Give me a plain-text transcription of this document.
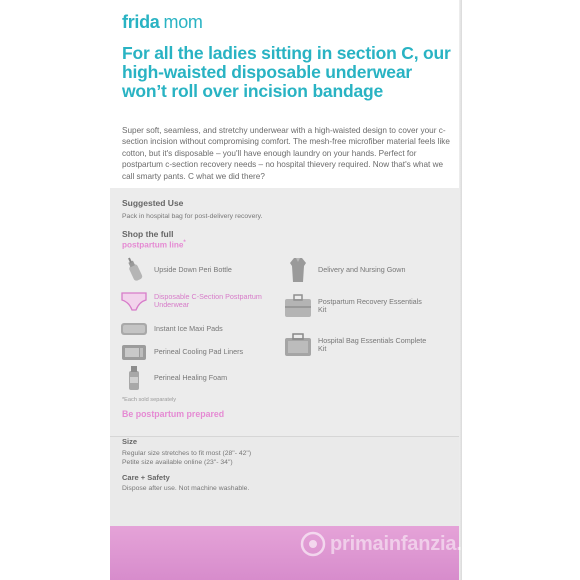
frida mom
For all the ladies sitting in section C, our high-waisted disposable underwear won’t roll over incision bandage

Super soft, seamless, and stretchy underwear with a high-waisted design to cover your c-section incision without compromising comfort. The mesh-free microfiber material feels like cotton, but it's disposable – you'll have enough laundry on your hands. Perfect for postpartum c-section recovery needs – no hospital thievery required. Now that's what we call smarty pants. C what we did there?

Suggested Use
Pack in hospital bag for post-delivery recovery.
Shop the full
postpartum line*
Upside Down Peri Bottle
Disposable C-Section Postpartum Underwear
Instant Ice Maxi Pads
Perineal Cooling Pad Liners
Perineal Healing Foam
Delivery and Nursing Gown
Postpartum Recovery Essentials Kit
Hospital Bag Essentials Complete Kit
*Each sold separately
Be postpartum prepared
Size
Regular size stretches to fit most (28"- 42")
Petite size available online (23"- 34")
Care + Safety
Dispose after use. Not machine washable.
primainfanzia.it
